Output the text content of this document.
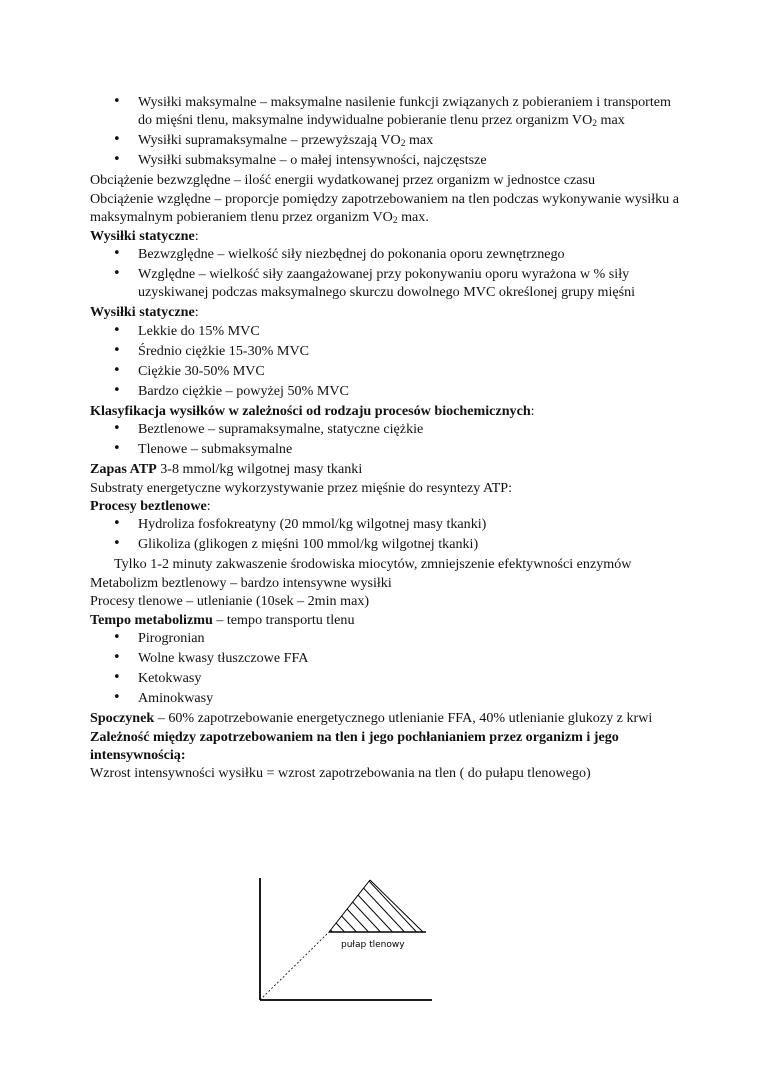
• Wysiłki maksymalne – maksymalne nasilenie funkcji związanych z pobieraniem i transportem do mięśni tlenu, maksymalne indywidualne pobieranie tlenu przez organizm $VO_2$ max
• Wysiłki supramaksymalne – przewyższają $VO_2$ max
• Wysiłki submaksymalne – o małej intensywności, najczęstsze

Obciążenie bezwzględne – ilość energii wydatkowanej przez organizm w jednostce czasu

Obciążenie względne – proporcje pomiędzy zapotrzebowaniem na tlen podczas wykonywanie wysiłku a maksymalnym pobieraniem tlenu przez organizm $VO_2$ max.

Wysiłki statyczne:

• Bezwzględne – wielkość siły niezbędnej do pokonania oporu zewnętrznego
• Względne – wielkość siły zaangażowanej przy pokonywaniu oporu wyrażona w % siły uzyskiwanej podczas maksymalnego skurczu dowolnego MVC określonej grupy mięśni

Wysiłki statyczne:

• Lekkie do 15% MVC
• Średnio ciężkie 15-30% MVC
• Ciężkie 30-50% MVC
• Bardzo ciężkie – powyżej 50% MVC

Klasyfikacja wysiłków w zależności od rodzaju procesów biochemicznych:

• Beztlenowe – supramaksymalne, statyczne ciężkie
• Tlenowe – submaksymalne

Zapas ATP 3-8 mmol/kg wilgotnej masy tkanki

Substraty energetyczne wykorzystywanie przez mięśnie do resyntezy ATP:

Procesy beztlenowe:

• Hydroliza fosfokreatyny (20 mmol/kg wilgotnej masy tkanki)
• Glikoliza (glikogen z mięśni 100 mmol/kg wilgotnej tkanki)

Tylko 1-2 minuty zakwaszenie środowiska miocytów, zmniejszenie efektywności enzymów

Metabolizm beztlenowy – bardzo intensywne wysiłki

Procesy tlenowe – utlenianie (10sek – 2min max)

Tempo metabolizmu – tempo transportu tlenu

• Pirogronian
• Wolne kwasy tłuszczowe FFA
• Ketokwasy
• Aminokwasy

Spoczynek – 60% zapotrzebowanie energetycznego utlenianie FFA, 40% utlenianie glukozy z krwi

Zależność między zapotrzebowaniem na tlen i jego pochłanianiem przez organizm i jego intensywnością:

Wzrost intensywności wysiłku = wzrost zapotrzebowania na tlen ( do pułapu tlenowego)

pułap tlenowy
